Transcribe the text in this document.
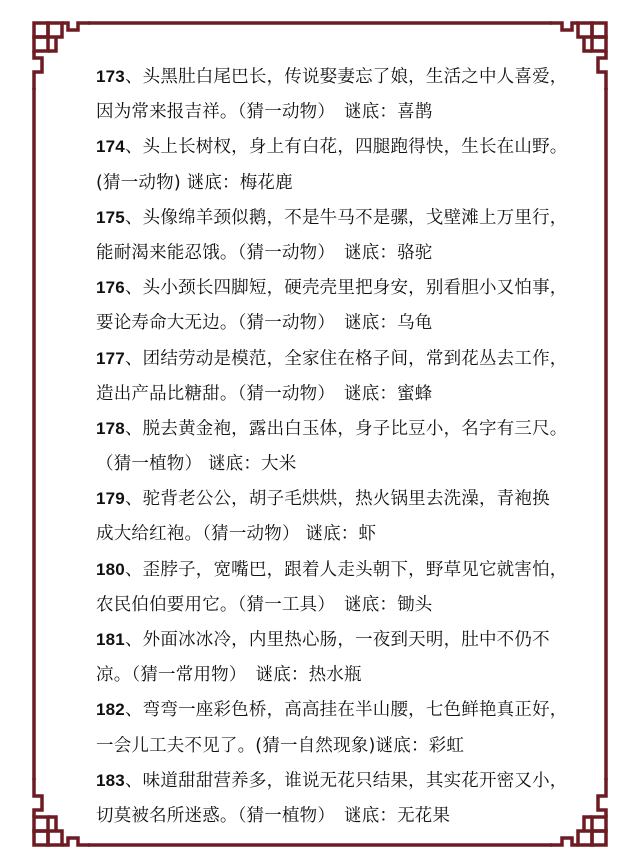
173、头黑肚白尾巴长，传说娶妻忘了娘，生活之中人喜爱，
因为常来报吉祥。（猜一动物）　谜底：喜鹊
174、头上长树杈，身上有白花，四腿跑得快，生长在山野。
(猜一动物) 谜底：梅花鹿
175、头像绵羊颈似鹅，不是牛马不是骡，戈壁滩上万里行，
能耐渴来能忍饿。（猜一动物）　谜底：骆驼
176、头小颈长四脚短，硬壳壳里把身安，别看胆小又怕事，
要论寿命大无边。（猜一动物）　谜底：乌龟
177、团结劳动是模范，全家住在格子间，常到花丛去工作，
造出产品比糖甜。（猜一动物）　谜底：蜜蜂
178、脱去黄金袍，露出白玉体，身子比豆小，名字有三尺。
（猜一植物） 谜底：大米
179、驼背老公公，胡子毛烘烘，热火锅里去洗澡，青袍换
成大给红袍。（猜一动物） 谜底：虾
180、歪脖子，宽嘴巴，跟着人走头朝下，野草见它就害怕，
农民伯伯要用它。（猜一工具）　谜底：锄头
181、外面冰冰冷，内里热心肠，一夜到天明，肚中不仍不
凉。（猜一常用物）　谜底：热水瓶
182、弯弯一座彩色桥，高高挂在半山腰，七色鲜艳真正好，
一会儿工夫不见了。(猜一自然现象)谜底：彩虹
183、味道甜甜营养多，谁说无花只结果，其实花开密又小，
切莫被名所迷惑。（猜一植物）　谜底：无花果
